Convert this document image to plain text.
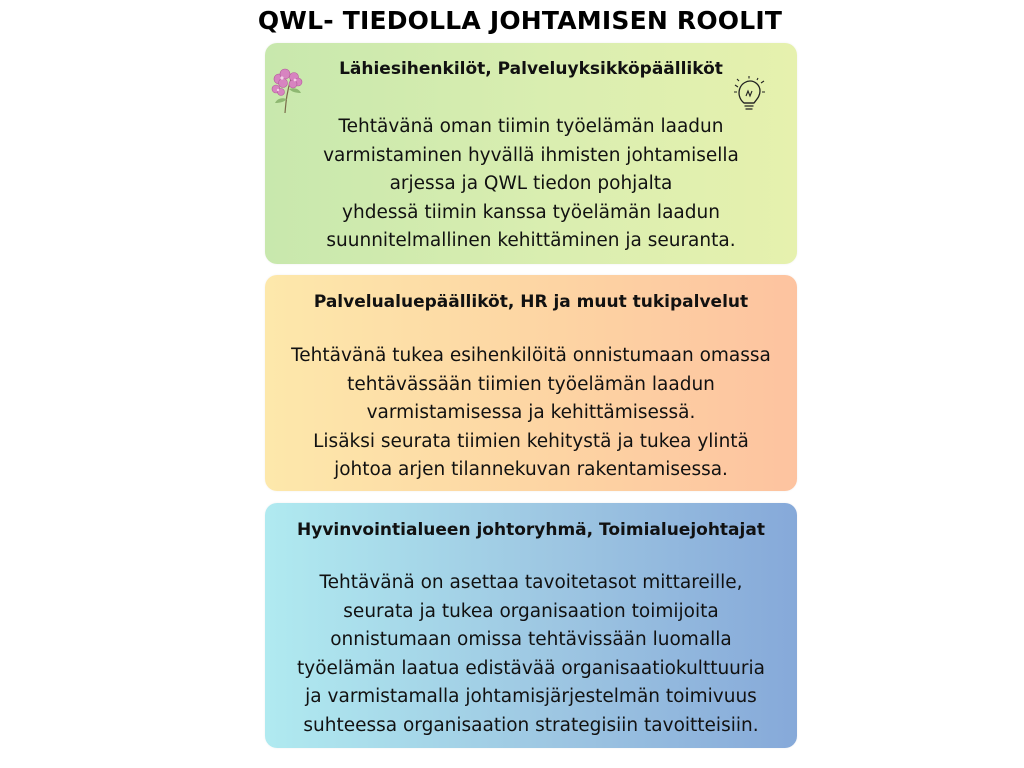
QWL- TIEDOLLA JOHTAMISEN ROOLIT
Lähiesihenkilöt, Palveluyksikköpäälliköt
Tehtävänä oman tiimin työelämän laadun
varmistaminen hyvällä ihmisten johtamisella
arjessa ja QWL tiedon pohjalta
yhdessä tiimin kanssa työelämän laadun
suunnitelmallinen kehittäminen ja seuranta.
Palvelualuepäälliköt, HR ja muut tukipalvelut
Tehtävänä tukea esihenkilöitä onnistumaan omassa
tehtävässään tiimien työelämän laadun
varmistamisessa ja kehittämisessä.
Lisäksi seurata tiimien kehitystä ja tukea ylintä
johtoa arjen tilannekuvan rakentamisessa.
Hyvinvointialueen johtoryhmä, Toimialuejohtajat
Tehtävänä on asettaa tavoitetasot mittareille,
seurata ja tukea organisaation toimijoita
onnistumaan omissa tehtävissään luomalla
työelämän laatua edistävää organisaatiokulttuuria
ja varmistamalla johtamisjärjestelmän toimivuus
suhteessa organisaation strategisiin tavoitteisiin.
